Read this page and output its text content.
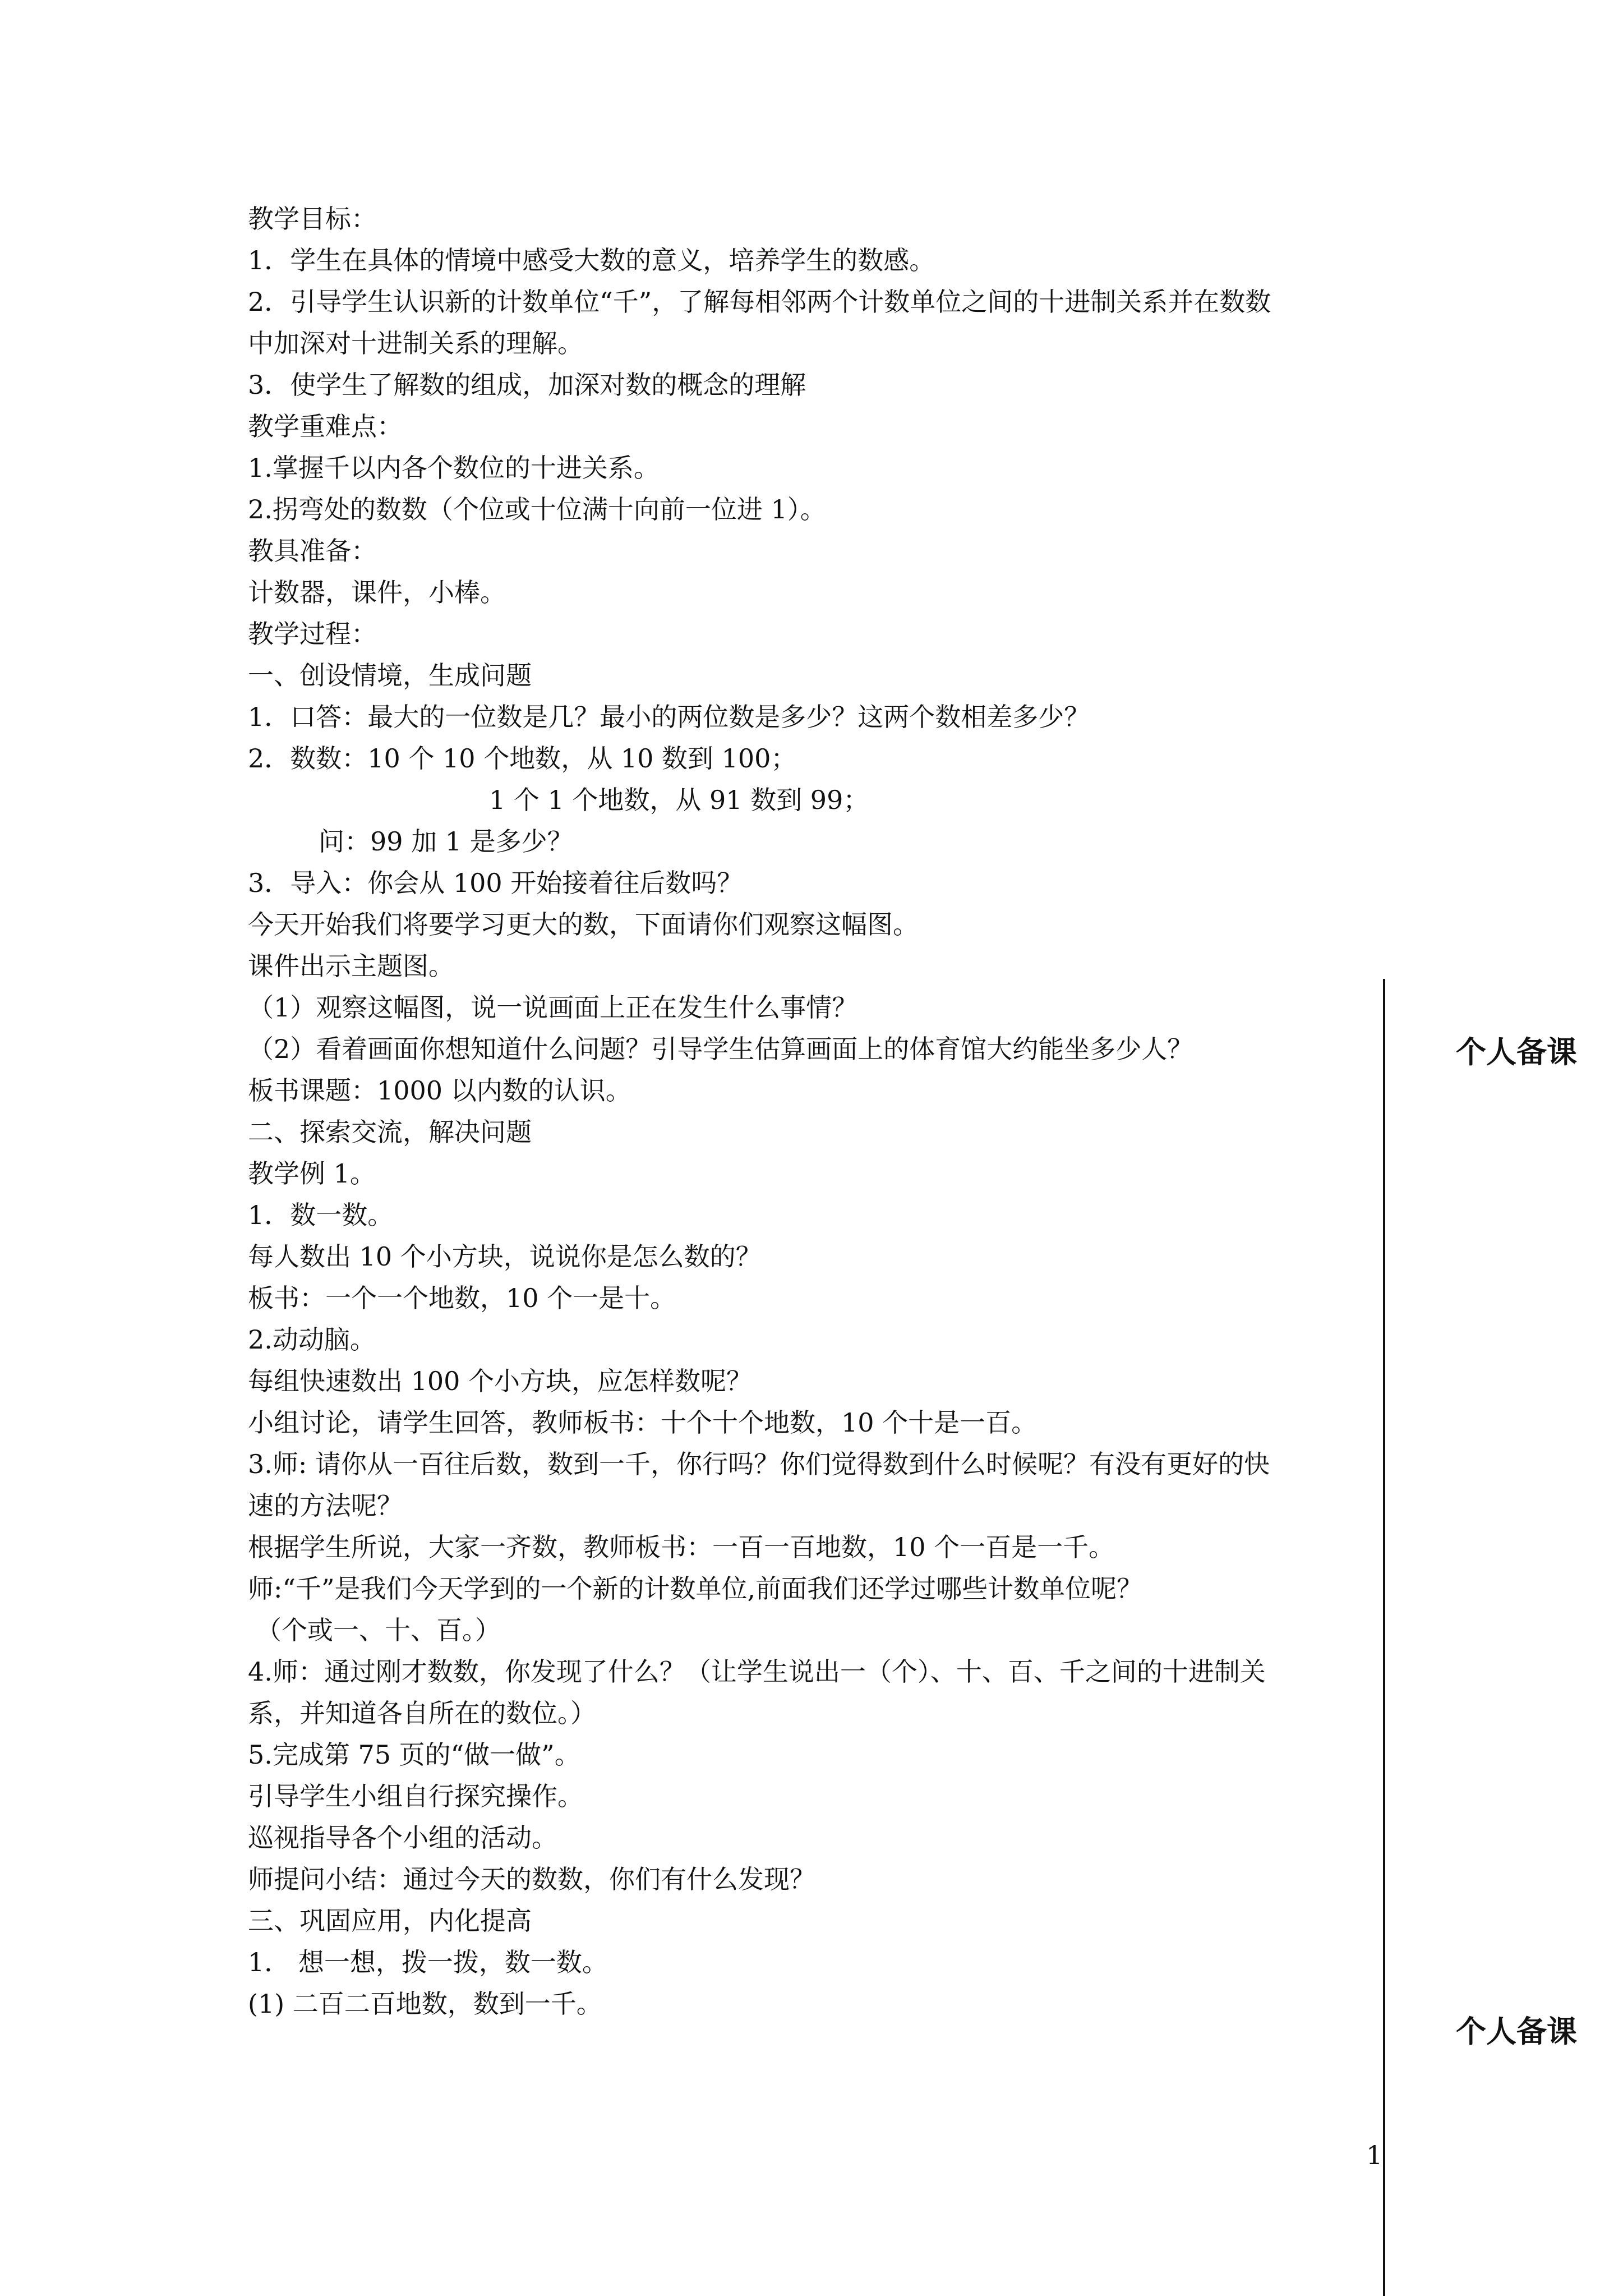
教学目标：
1．学生在具体的情境中感受大数的意义，培养学生的数感。
2．引导学生认识新的计数单位“千”，了解每相邻两个计数单位之间的十进制关系并在数数
中加深对十进制关系的理解。
3．使学生了解数的组成，加深对数的概念的理解
教学重难点：
1.掌握千以内各个数位的十进关系。
2.拐弯处的数数（个位或十位满十向前一位进 1）。
教具准备：
计数器，课件，小棒。
教学过程：
一、创设情境，生成问题
1．口答：最大的一位数是几？最小的两位数是多少？这两个数相差多少？
2．数数：10 个 10 个地数，从 10 数到 100；
1 个 1 个地数，从 91 数到 99；
问：99 加 1 是多少？
3．导入：你会从 100 开始接着往后数吗？
今天开始我们将要学习更大的数，下面请你们观察这幅图。
课件出示主题图。
（1）观察这幅图，说一说画面上正在发生什么事情？
（2）看着画面你想知道什么问题？引导学生估算画面上的体育馆大约能坐多少人？
板书课题：1000 以内数的认识。
二、探索交流，解决问题
教学例 1。
1．数一数。
每人数出 10 个小方块，说说你是怎么数的？
板书：一个一个地数，10 个一是十。
2.动动脑。
每组快速数出 100 个小方块，应怎样数呢？
小组讨论，请学生回答，教师板书：十个十个地数，10 个十是一百。
3.师: 请你从一百往后数，数到一千，你行吗？你们觉得数到什么时候呢？有没有更好的快
速的方法呢？
根据学生所说，大家一齐数，教师板书：一百一百地数，10 个一百是一千。
师:“千”是我们今天学到的一个新的计数单位,前面我们还学过哪些计数单位呢？
（个或一、十、百。）
4.师：通过刚才数数，你发现了什么？（让学生说出一（个）、十、百、千之间的十进制关
系，并知道各自所在的数位。）
5.完成第 75 页的“做一做”。
引导学生小组自行探究操作。
巡视指导各个小组的活动。
师提问小结：通过今天的数数，你们有什么发现？
三、巩固应用，内化提高
1． 想一想，拨一拨，数一数。
(1) 二百二百地数，数到一千。
个人备课
个人备课
1
